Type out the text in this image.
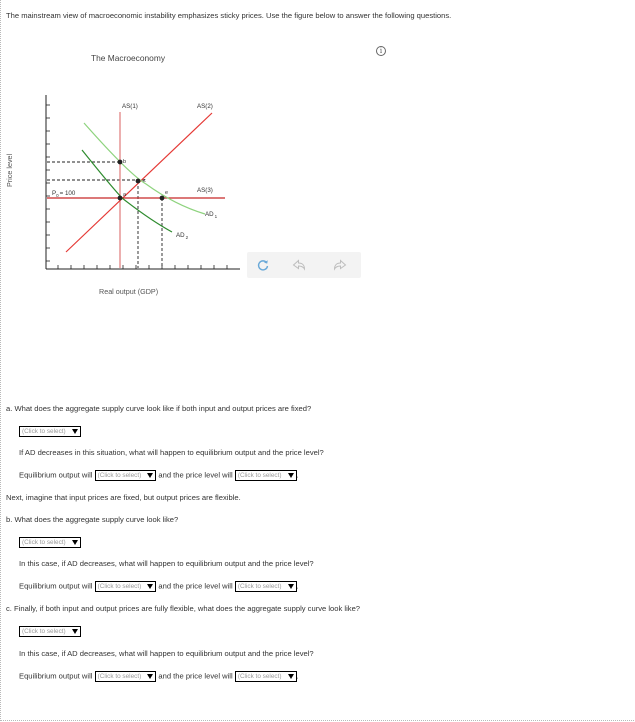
The mainstream view of macroeconomic instability emphasizes sticky prices. Use the figure below to answer the following questions.
The Macroeconomy
i
Price level
Real output (GDP)
AS(1)	AS(2)
AS(3)
$AD_1$
$AD_2$
$P_0= 100$	a
b
c
e
a. What does the aggregate supply curve look like if both input and output prices are fixed?
(Click to select)
If AD decreases in this situation, what will happen to equilibrium output and the price level?
Equilibrium output will (Click to select) and the price level will (Click to select) .
Next, imagine that input prices are fixed, but output prices are flexible.
b. What does the aggregate supply curve look like?
(Click to select)
In this case, if AD decreases, what will happen to equilibrium output and the price level?
Equilibrium output will (Click to select) and the price level will (Click to select) .
c. Finally, if both input and output prices are fully flexible, what does the aggregate supply curve look like?
(Click to select)
In this case, if AD decreases, what will happen to equilibrium output and the price level?
Equilibrium output will (Click to select) and the price level will (Click to select) .
